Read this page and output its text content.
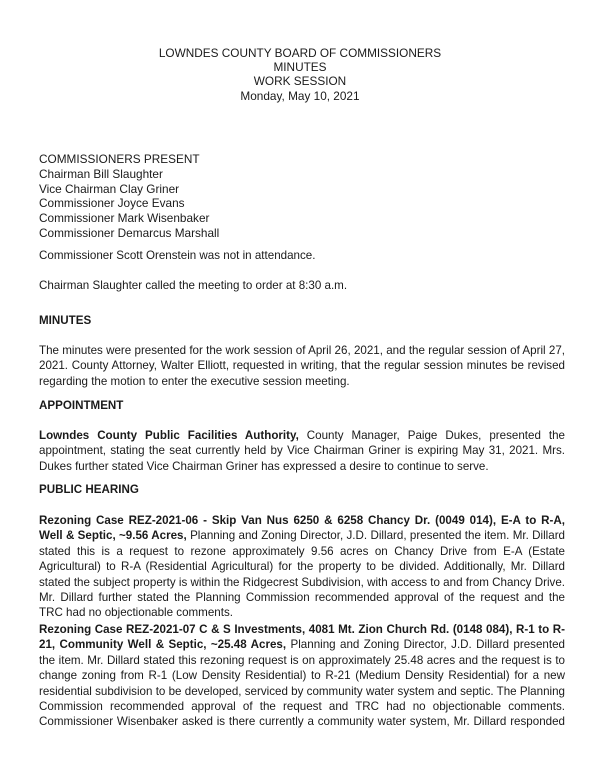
LOWNDES COUNTY BOARD OF COMMISSIONERS
MINUTES
WORK SESSION
Monday, May 10, 2021
COMMISSIONERS PRESENT
Chairman Bill Slaughter
Vice Chairman Clay Griner
Commissioner Joyce Evans
Commissioner Mark Wisenbaker
Commissioner Demarcus Marshall
Commissioner Scott Orenstein was not in attendance.
Chairman Slaughter called the meeting to order at 8:30 a.m.
MINUTES
The minutes were presented for the work session of April 26, 2021, and the regular session of April 27, 2021. County Attorney, Walter Elliott, requested in writing, that the regular session minutes be revised regarding the motion to enter the executive session meeting.
APPOINTMENT
Lowndes County Public Facilities Authority, County Manager, Paige Dukes, presented the appointment, stating the seat currently held by Vice Chairman Griner is expiring May 31, 2021. Mrs. Dukes further stated Vice Chairman Griner has expressed a desire to continue to serve.
PUBLIC HEARING
Rezoning Case REZ-2021-06 - Skip Van Nus 6250 & 6258 Chancy Dr. (0049 014), E-A to R-A, Well & Septic, ~9.56 Acres, Planning and Zoning Director, J.D. Dillard, presented the item. Mr. Dillard stated this is a request to rezone approximately 9.56 acres on Chancy Drive from E-A (Estate Agricultural) to R-A (Residential Agricultural) for the property to be divided. Additionally, Mr. Dillard stated the subject property is within the Ridgecrest Subdivision, with access to and from Chancy Drive. Mr. Dillard further stated the Planning Commission recommended approval of the request and the TRC had no objectionable comments.
Rezoning Case REZ-2021-07 C & S Investments, 4081 Mt. Zion Church Rd. (0148 084), R-1 to R-21, Community Well & Septic, ~25.48 Acres, Planning and Zoning Director, J.D. Dillard presented the item. Mr. Dillard stated this rezoning request is on approximately 25.48 acres and the request is to change zoning from R-1 (Low Density Residential) to R-21 (Medium Density Residential) for a new residential subdivision to be developed, serviced by community water system and septic. The Planning Commission recommended approval of the request and TRC had no objectionable comments. Commissioner Wisenbaker asked is there currently a community water system, Mr. Dillard responded
